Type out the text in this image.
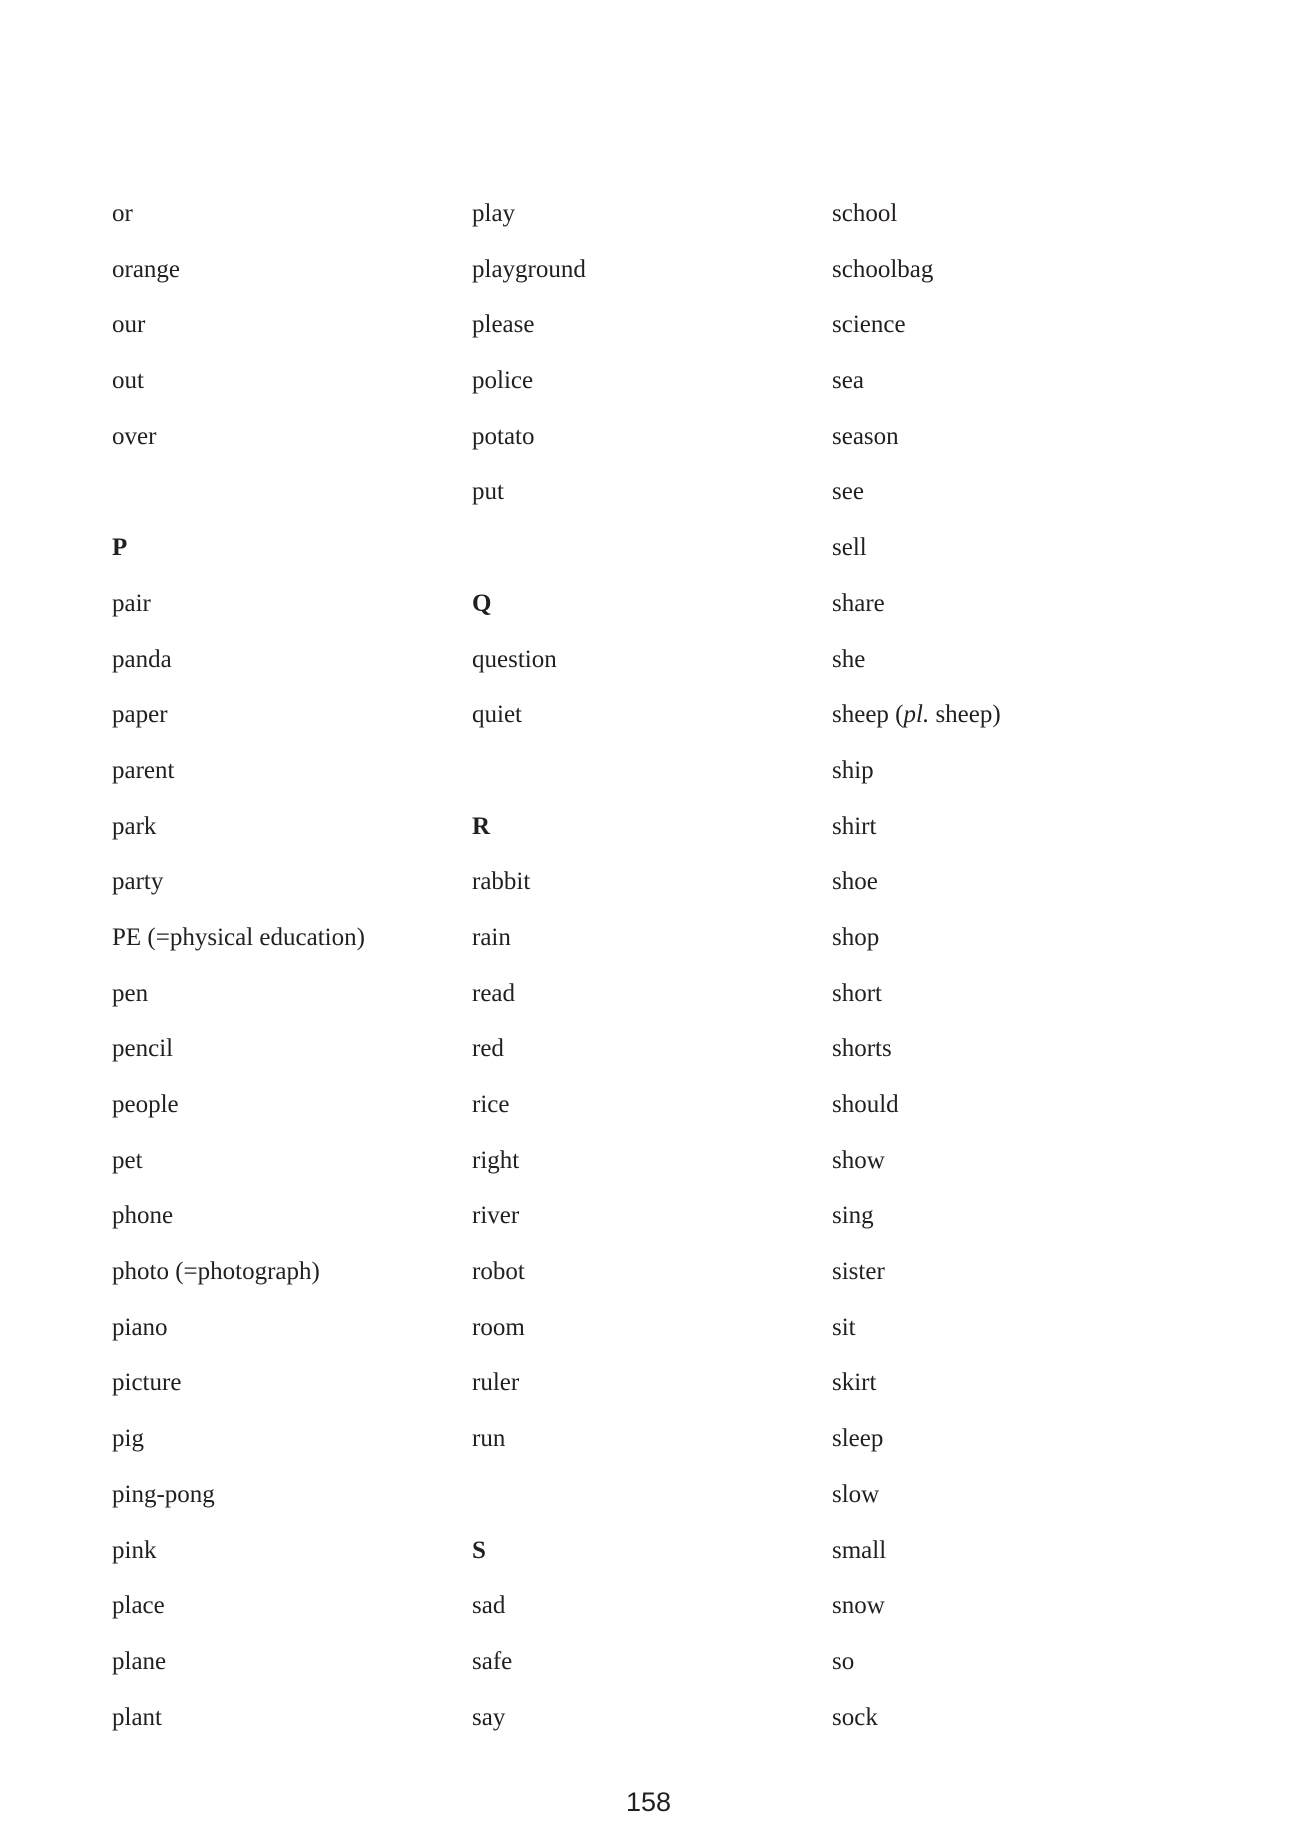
or
orange
our
out
over
P
pair
panda
paper
parent
park
party
PE (=physical education)
pen
pencil
people
pet
phone
photo (=photograph)
piano
picture
pig
ping-pong
pink
place
plane
plant
play
playground
please
police
potato
put
Q
question
quiet
R
rabbit
rain
read
red
rice
right
river
robot
room
ruler
run
S
sad
safe
say
school
schoolbag
science
sea
season
see
sell
share
she
sheep (pl. sheep)
ship
shirt
shoe
shop
short
shorts
should
show
sing
sister
sit
skirt
sleep
slow
small
snow
so
sock
158
